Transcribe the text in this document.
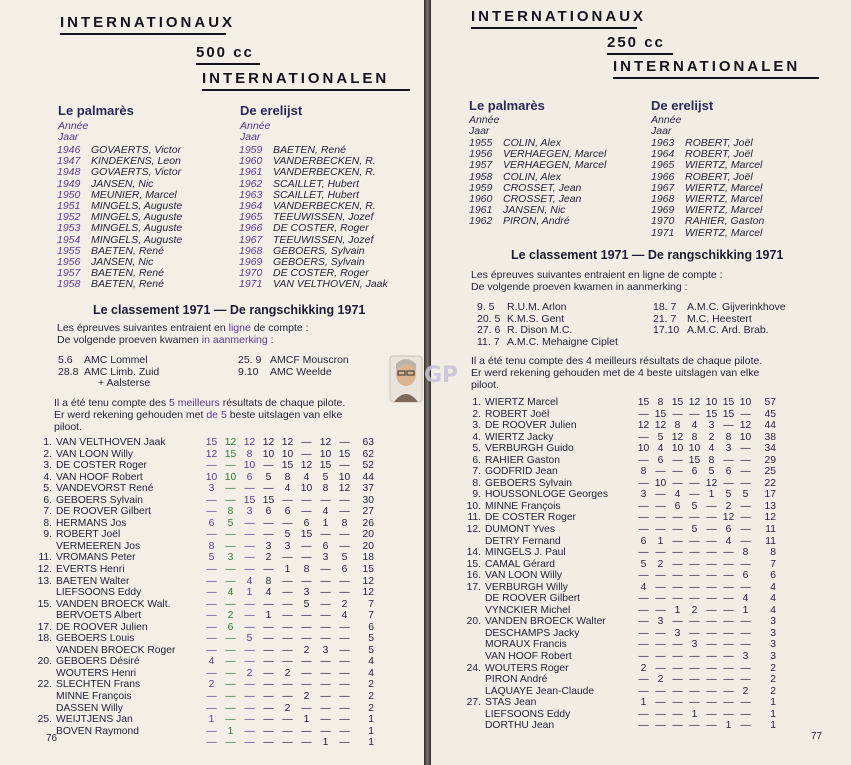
INTERNATIONAUX
500 cc
INTERNATIONALEN
Le palmarès	De erelijst
Année
Jaar
Année
Jaar
1946	GOVAERTS, Victor
1947	KINDEKENS, Leon
1948	GOVAERTS, Victor
1949	JANSEN, Nic
1950	MEUNIER, Marcel
1951	MINGELS, Auguste
1952	MINGELS, Auguste
1953	MINGELS, Auguste
1954	MINGELS, Auguste
1955	BAETEN, René
1956	JANSEN, Nic
1957	BAETEN, René
1958	BAETEN, René
1959	BAETEN, René
1960	VANDERBECKEN, R.
1961	VANDERBECKEN, R.
1962	SCAILLET, Hubert
1963	SCAILLET, Hubert
1964	VANDERBECKEN, R.
1965	TEEUWISSEN, Jozef
1966	DE COSTER, Roger
1967	TEEUWISSEN, Jozef
1968	GEBOERS, Sylvain
1969	GEBOERS, Sylvain
1970	DE COSTER, Roger
1971	VAN VELTHOVEN, Jaak
Le classement 1971 — De rangschikking 1971
Les épreuves suivantes entraient en ligne de compte :
De volgende proeven kwamen in aanmerking :
5.6	AMC Lommel
28.8 AMC Limb. Zuid
+ Aalsterse
25. 9 AMCF Mouscron
9.10	AMC Weelde
Il a été tenu compte des 5 meilleurs résultats de chaque pilote.
Er werd rekening gehouden met de 5 beste uitslagen van elke
piloot.
1.	VAN VELTHOVEN Jaak	15	12	12	12	12	—	12	—	63
2.	VAN LOON Willy	12	15	8	10	10	—	10	15	62
3.	DE COSTER Roger	—	—	10	—	15	12	15	—	52
4.	VAN HOOF Robert	10	10	6	5	8	4	5	10	44
5.	VANDEVORST René	3	—	—	—	4	10	8	12	37
6.	GEBOERS Sylvain	—	—	15	15	—	—	—	—	30
7.	DE ROOVER Gilbert	—	8	3	6	6	—	4	—	27
8.	HERMANS Jos	6	5	—	—	—	6	1	8	26
9.	ROBERT Joël	—	—	—	—	5	15	—	—	20
	VERMEEREN Jos	8	—	—	3	3	—	6	—	20
11.	VROMANS Peter	5	3	—	2	—	—	3	5	18
12.	EVERTS Henri	—	—	—	—	1	8	—	6	15
13.	BAETEN Walter	—	—	4	8	—	—	—	—	12
	LIEFSOONS Eddy	—	4	1	4	—	3	—	—	12
15.	VANDEN BROECK Walt.	—	—	—	—	—	5	—	2	7
	BERVOETS Albert	—	2	—	1	—	—	—	4	7
17.	DE ROOVER Julien	—	6	—	—	—	—	—	—	6
18.	GEBOERS Louis	—	—	5	—	—	—	—	—	5
	VANDEN BROECK Roger	—	—	—	—	—	2	3	—	5
20.	GEBOERS Désiré	4	—	—	—	—	—	—	—	4
	WOUTERS Henri	—	—	2	—	2	—	—	—	4
22.	SLECHTEN Frans	2	—	—	—	—	—	—	—	2
	MINNE François	—	—	—	—	—	2	—	—	2
	DASSEN Willy	—	—	—	—	2	—	—	—	2
25.	WEIJTJENS Jan	1	—	—	—	—	1	—	—	1
	BOVEN Raymond	—	1	—	—	—	—	—	—	1
		—	—	—	—	—	—	1	—	1
76
INTERNATIONAUX
250 cc
INTERNATIONALEN
Le palmarès	De erelijst
Année
Jaar
Année
Jaar
1955	COLIN, Alex
1956	VERHAEGEN, Marcel
1957	VERHAEGEN, Marcel
1958	COLIN, Alex
1959	CROSSET, Jean
1960	CROSSET, Jean
1961	JANSEN, Nic
1962	PIRON, André
1963	ROBERT, Joël
1964	ROBERT, Joël
1965	WIERTZ, Marcel
1966	ROBERT, Joël
1967	WIERTZ, Marcel
1968	WIERTZ, Marcel
1969	WIERTZ, Marcel
1970	RAHIER, Gaston
1971	WIERTZ, Marcel
Le classement 1971 — De rangschikking 1971
Les épreuves suivantes entraient en ligne de compte :
De volgende proeven kwamen in aanmerking :
9. 5	R.U.M. Arlon
20. 5 K.M.S. Gent
27. 6 R. Dison M.C.
11. 7 A.M.C. Mehaigne Ciplet
18. 7	A.M.C. Gijverinkhove
21. 7	M.C. Heestert
17.10 A.M.C. Ard. Brab.
Il a été tenu compte des 4 meilleurs résultats de chaque pilote.
Er werd rekening gehouden met de 4 beste uitslagen van elke
piloot.
1.	WIERTZ Marcel	15	8	15	12	10	15	10	57
2.	ROBERT Joël	—	15	—	—	15	15	—	45
3.	DE ROOVER Julien	12	12	8	4	3	—	12	44
4.	WIERTZ Jacky	—	5	12	8	2	8	10	38
5.	VERBURGH Guido	10	4	10	10	4	3	—	34
6.	RAHIER Gaston	—	6	—	15	8	—	—	29
7.	GODFRID Jean	8	—	—	6	5	6	—	25
8.	GEBOERS Sylvain	—	10	—	—	12	—	—	22
9.	HOUSSONLOGE Georges	3	—	4	—	1	5	5	17
10.	MINNE François	—	—	6	5	—	2	—	13
11.	DE COSTER Roger	—	—	—	—	—	12	—	12
12.	DUMONT Yves	—	—	—	5	—	6	—	11
	DETRY Fernand	6	1	—	—	—	4	—	11
14.	MINGELS J. Paul	—	—	—	—	—	—	8	8
15.	CAMAL Gérard	5	2	—	—	—	—	—	7
16.	VAN LOON Willy	—	—	—	—	—	—	6	6
17.	VERBURGH Willy	4	—	—	—	—	—	—	4
	DE ROOVER Gilbert	—	—	—	—	—	—	4	4
	VYNCKIER Michel	—	—	1	2	—	—	1	4
20.	VANDEN BROECK Walter	—	3	—	—	—	—	—	3
	DESCHAMPS Jacky	—	—	3	—	—	—	—	3
	MORAUX Francis	—	—	—	3	—	—	—	3
	VAN HOOF Robert	—	—	—	—	—	—	3	3
24.	WOUTERS Roger	2	—	—	—	—	—	—	2
	PIRON André	—	2	—	—	—	—	—	2
	LAQUAYE Jean-Claude	—	—	—	—	—	—	2	2
27.	STAS Jean	1	—	—	—	—	—	—	1
	LIEFSOONS Eddy	—	—	—	1	—	—	—	1
	DORTHU Jean	—	—	—	—	—	1	—	1
77
GP
